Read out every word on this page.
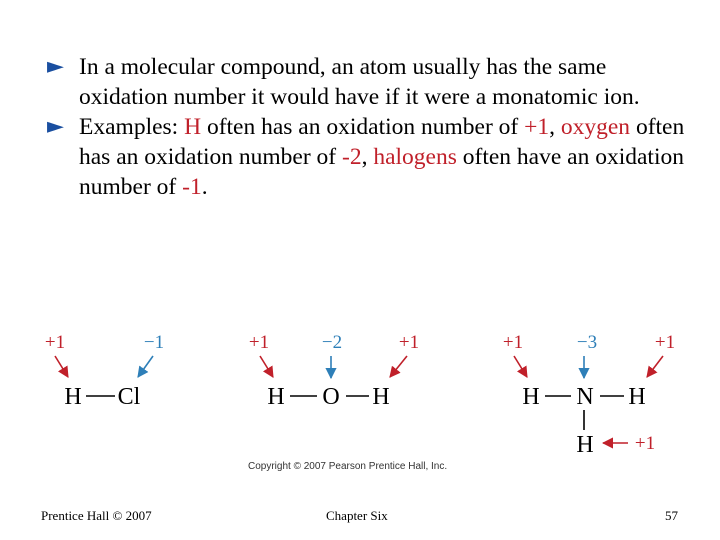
► In a molecular compound, an atom usually has the same oxidation number it would have if it were a monatomic ion.
► Examples: H often has an oxidation number of +1, oxygen often has an oxidation number of -2, halogens often have an oxidation number of -1.
+1	−1
H Cl
+1	−2	+1
H O H
+1	−3	+1
H N H
H +1
Copyright © 2007 Pearson Prentice Hall, Inc.
Prentice Hall © 2007	Chapter Six	57
